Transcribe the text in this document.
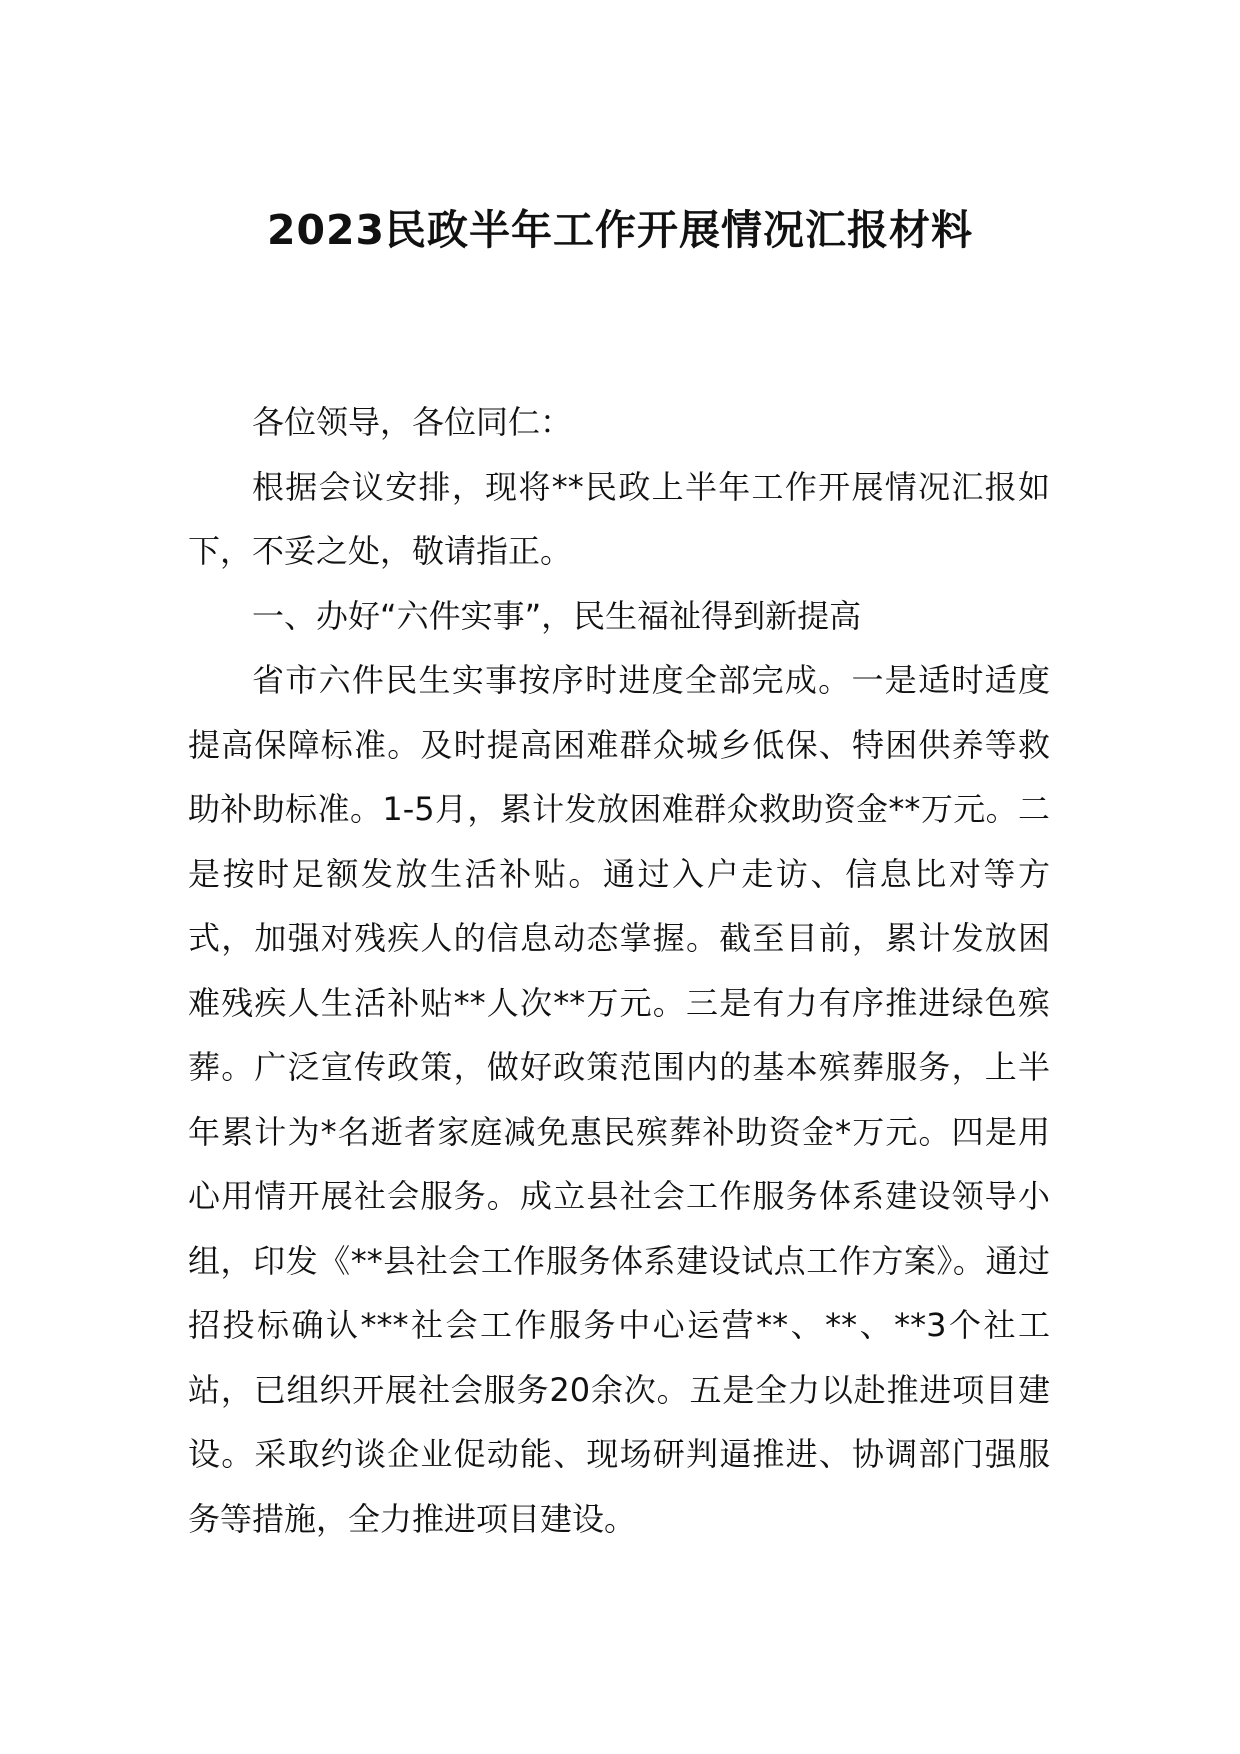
2023民政半年工作开展情况汇报材料

各位领导，各位同仁：

根据会议安排，现将**民政上半年工作开展情况汇报如下，不妥之处，敬请指正。

一、办好“六件实事”，民生福祉得到新提高

省市六件民生实事按序时进度全部完成。一是适时适度提高保障标准。及时提高困难群众城乡低保、特困供养等救助补助标准。1-5月，累计发放困难群众救助资金**万元。二是按时足额发放生活补贴。通过入户走访、信息比对等方式，加强对残疾人的信息动态掌握。截至目前，累计发放困难残疾人生活补贴**人次**万元。三是有力有序推进绿色殡葬。广泛宣传政策，做好政策范围内的基本殡葬服务，上半年累计为*名逝者家庭减免惠民殡葬补助资金*万元。四是用心用情开展社会服务。成立县社会工作服务体系建设领导小组，印发《**县社会工作服务体系建设试点工作方案》。通过招投标确认***社会工作服务中心运营**、**、**3个社工站，已组织开展社会服务20余次。五是全力以赴推进项目建设。采取约谈企业促动能、现场研判逼推进、协调部门强服务等措施，全力推进项目建设。
